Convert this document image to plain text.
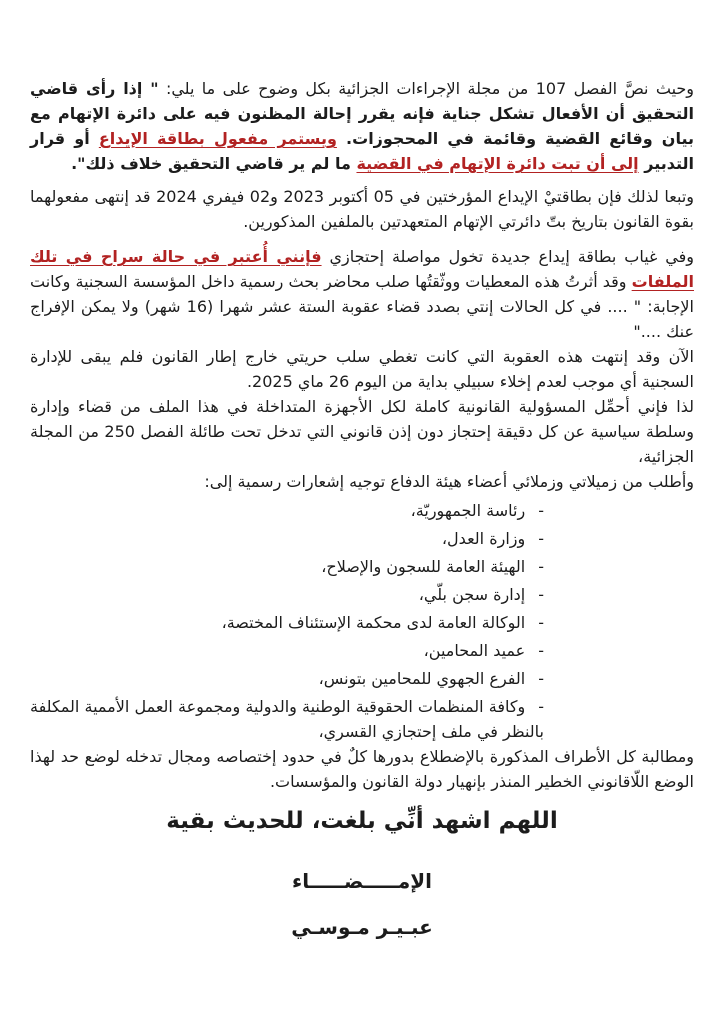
وحيث نصَّ الفصل 107 من مجلة الإجراءات الجزائية بكل وضوح على ما يلي: " إذا رأى قاضي التحقيق أن الأفعال تشكل جناية فإنه يقرر إحالة المظنون فيه على دائرة الإتهام مع بيان وقائع القضية وقائمة في المحجوزات. ويستمر مفعول بطاقة الإيداع أو قرار التدبير إلى أن تبت دائرة الإتهام في القضية ما لم ير قاضي التحقيق خلاف ذلك".

وتبعا لذلك فإن بطاقتيْ الإيداع المؤرختين في 05 أكتوبر 2023 و02 فيفري 2024 قد إنتهى مفعولهما بقوة القانون بتاريخ بتّ دائرتي الإتهام المتعهدتين بالملفين المذكورين.

وفي غياب بطاقة إيداع جديدة تخول مواصلة إحتجازي فإنني أُعتبر في حالة سراح في تلك الملفات وقد أثرتُ هذه المعطيات ووثّقتُها صلب محاضر بحث رسمية داخل المؤسسة السجنية وكانت الإجابة: " .... في كل الحالات إنتي بصدد قضاء عقوبة الستة عشر شهرا (16 شهر) ولا يمكن الإفراج عنك ...."

الآن وقد إنتهت هذه العقوبة التي كانت تغطي سلب حريتي خارج إطار القانون فلم يبقى للإدارة السجنية أي موجب لعدم إخلاء سبيلي بداية من اليوم 26 ماي 2025.

لذا فإني أحمِّل المسؤولية القانونية كاملة لكل الأجهزة المتداخلة في هذا الملف من قضاء وإدارة وسلطة سياسية عن كل دقيقة إحتجاز دون إذن قانوني التي تدخل تحت طائلة الفصل 250 من المجلة الجزائية،

وأطلب من زميلاتي وزملائي أعضاء هيئة الدفاع توجيه إشعارات رسمية إلى:

-رئاسة الجمهوريّة،
-وزارة العدل،
-الهيئة العامة للسجون والإصلاح،
-إدارة سجن بلّي،
-الوكالة العامة لدى محكمة الإستئناف المختصة،
-عميد المحامين،
-الفرع الجهوي للمحامين بتونس،
-وكافة المنظمات الحقوقية الوطنية والدولية ومجموعة العمل الأممية المكلفة بالنظر في ملف إحتجازي القسري،

ومطالبة كل الأطراف المذكورة بالإضطلاع بدورها كلٌ في حدود إختصاصه ومجال تدخله لوضع حد لهذا الوضع اللّاقانوني الخطير المنذر بإنهيار دولة القانون والمؤسسات.

اللهم اشهد أنِّي بلغت، للحديث بقية

الإمـــــضـــــاء

عبـيـر مـوسـي
